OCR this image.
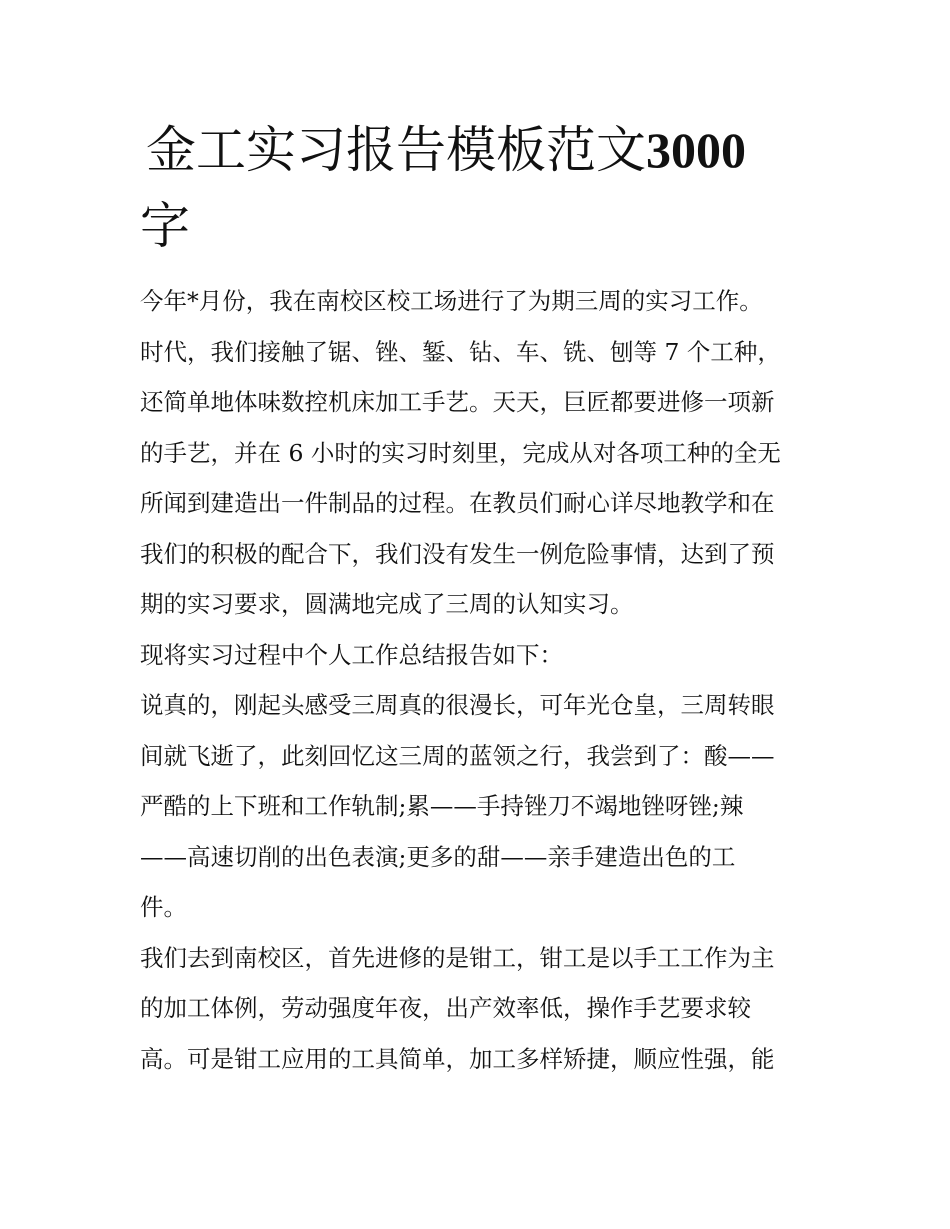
金工实习报告模板范文3000
字
今年*月份，我在南校区校工场进行了为期三周的实习工作。
时代，我们接触了锯、锉、錾、钻、车、铣、刨等 7 个工种，
还简单地体味数控机床加工手艺。天天，巨匠都要进修一项新
的手艺，并在 6 小时的实习时刻里，完成从对各项工种的全无
所闻到建造出一件制品的过程。在教员们耐心详尽地教学和在
我们的积极的配合下，我们没有发生一例危险事情，达到了预
期的实习要求，圆满地完成了三周的认知实习。
现将实习过程中个人工作总结报告如下：
说真的，刚起头感受三周真的很漫长，可年光仓皇，三周转眼
间就飞逝了，此刻回忆这三周的蓝领之行，我尝到了：酸——
严酷的上下班和工作轨制;累——手持锉刀不竭地锉呀锉;辣
——高速切削的出色表演;更多的甜——亲手建造出色的工
件。
我们去到南校区，首先进修的是钳工，钳工是以手工工作为主
的加工体例，劳动强度年夜，出产效率低，操作手艺要求较
高。可是钳工应用的工具简单，加工多样矫捷，顺应性强，能
